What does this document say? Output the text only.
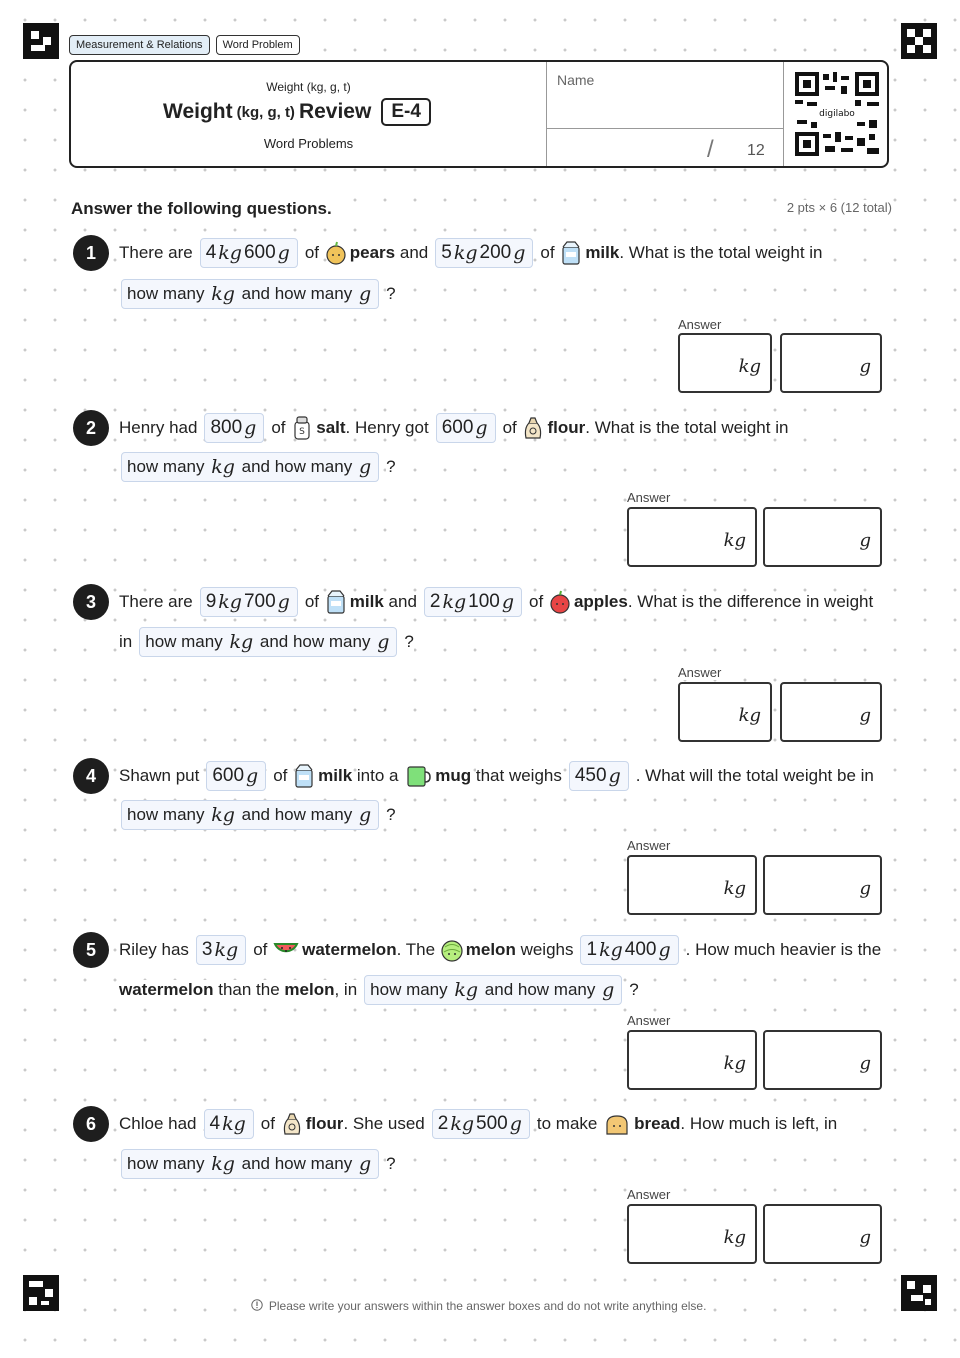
Measurement & Relations	Word Problem
Weight (kg, g, t)
Weight (kg, g, t) Review	E-4
Word Problems
Name
/ 12
digilabo
Answer the following questions.	2 pts × 6 (12 total)
1	There are 4 kg 600 g of
pears
and 5 kg 200 g of
milk . What is the total weight in
how many
kg
and how many
g ?
Answer
kg	g
2	Henry had 800 g of
S salt . Henry got 600 g of
flour . What is the total weight in
how many
kg
and how many
g ?
Answer
kg	g
3	There are 9 kg 700 g of
milk
and 2 kg 100 g of
apples . What is the difference in weight
in how many
kg
and how many
g ?
Answer
kg	g
4	Shawn put 600 g of
milk
into a
mug
that weighs 450 g . What will the total weight be in
how many
kg
and how many
g ?
Answer
kg	g
5	Riley has 3 kg of
watermelon . The
melon
weighs 1 kg 400 g . How much heavier is the
watermelon
than the
melon , in how many
kg
and how many
g ?
Answer
kg	g
6	Chloe had 4 kg of
flour . She used 2 kg 500 g to make
bread . How much is left, in
how many
kg
and how many
g ?
Answer
kg	g
Please write your answers within the answer boxes and do not write anything else.
